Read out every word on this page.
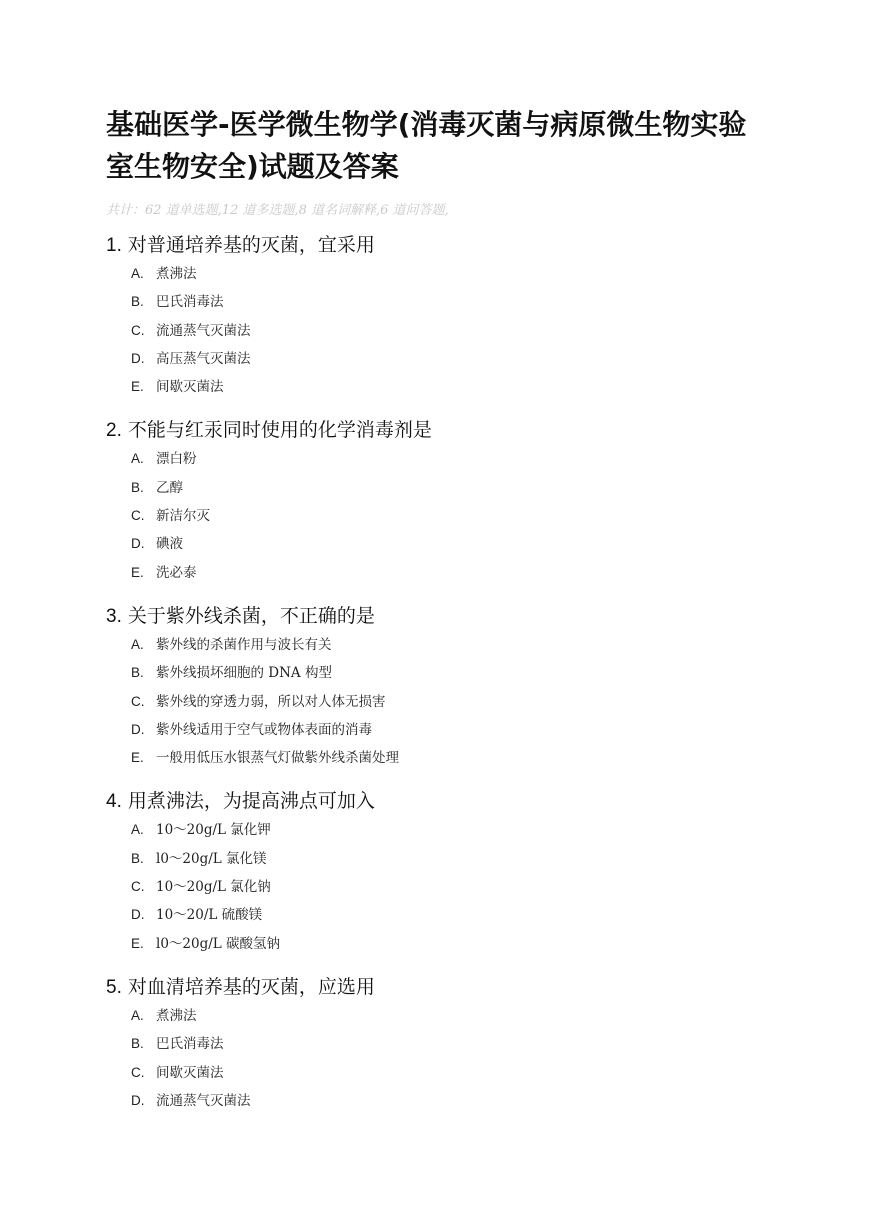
基础医学-医学微生物学(消毒灭菌与病原微生物实验室生物安全)试题及答案
共计：62 道单选题,12 道多选题,8 道名词解释,6 道问答题,

1. 对普通培养基的灭菌，宜采用

A. 煮沸法
B. 巴氏消毒法
C. 流通蒸气灭菌法
D. 高压蒸气灭菌法
E. 间歇灭菌法

2. 不能与红汞同时使用的化学消毒剂是

A. 漂白粉
B. 乙醇
C. 新洁尔灭
D. 碘液
E. 洗必泰

3. 关于紫外线杀菌，不正确的是

A. 紫外线的杀菌作用与波长有关
B. 紫外线损坏细胞的 DNA 构型
C. 紫外线的穿透力弱，所以对人体无损害
D. 紫外线适用于空气或物体表面的消毒
E. 一般用低压水银蒸气灯做紫外线杀菌处理

4. 用煮沸法，为提高沸点可加入

A. 10～20g/L 氯化钾
B. l0～20g/L 氯化镁
C. 10～20g/L 氯化钠
D. 10～20/L 硫酸镁
E. l0～20g/L 碳酸氢钠

5. 对血清培养基的灭菌，应选用

A. 煮沸法
B. 巴氏消毒法
C. 间歇灭菌法
D. 流通蒸气灭菌法
